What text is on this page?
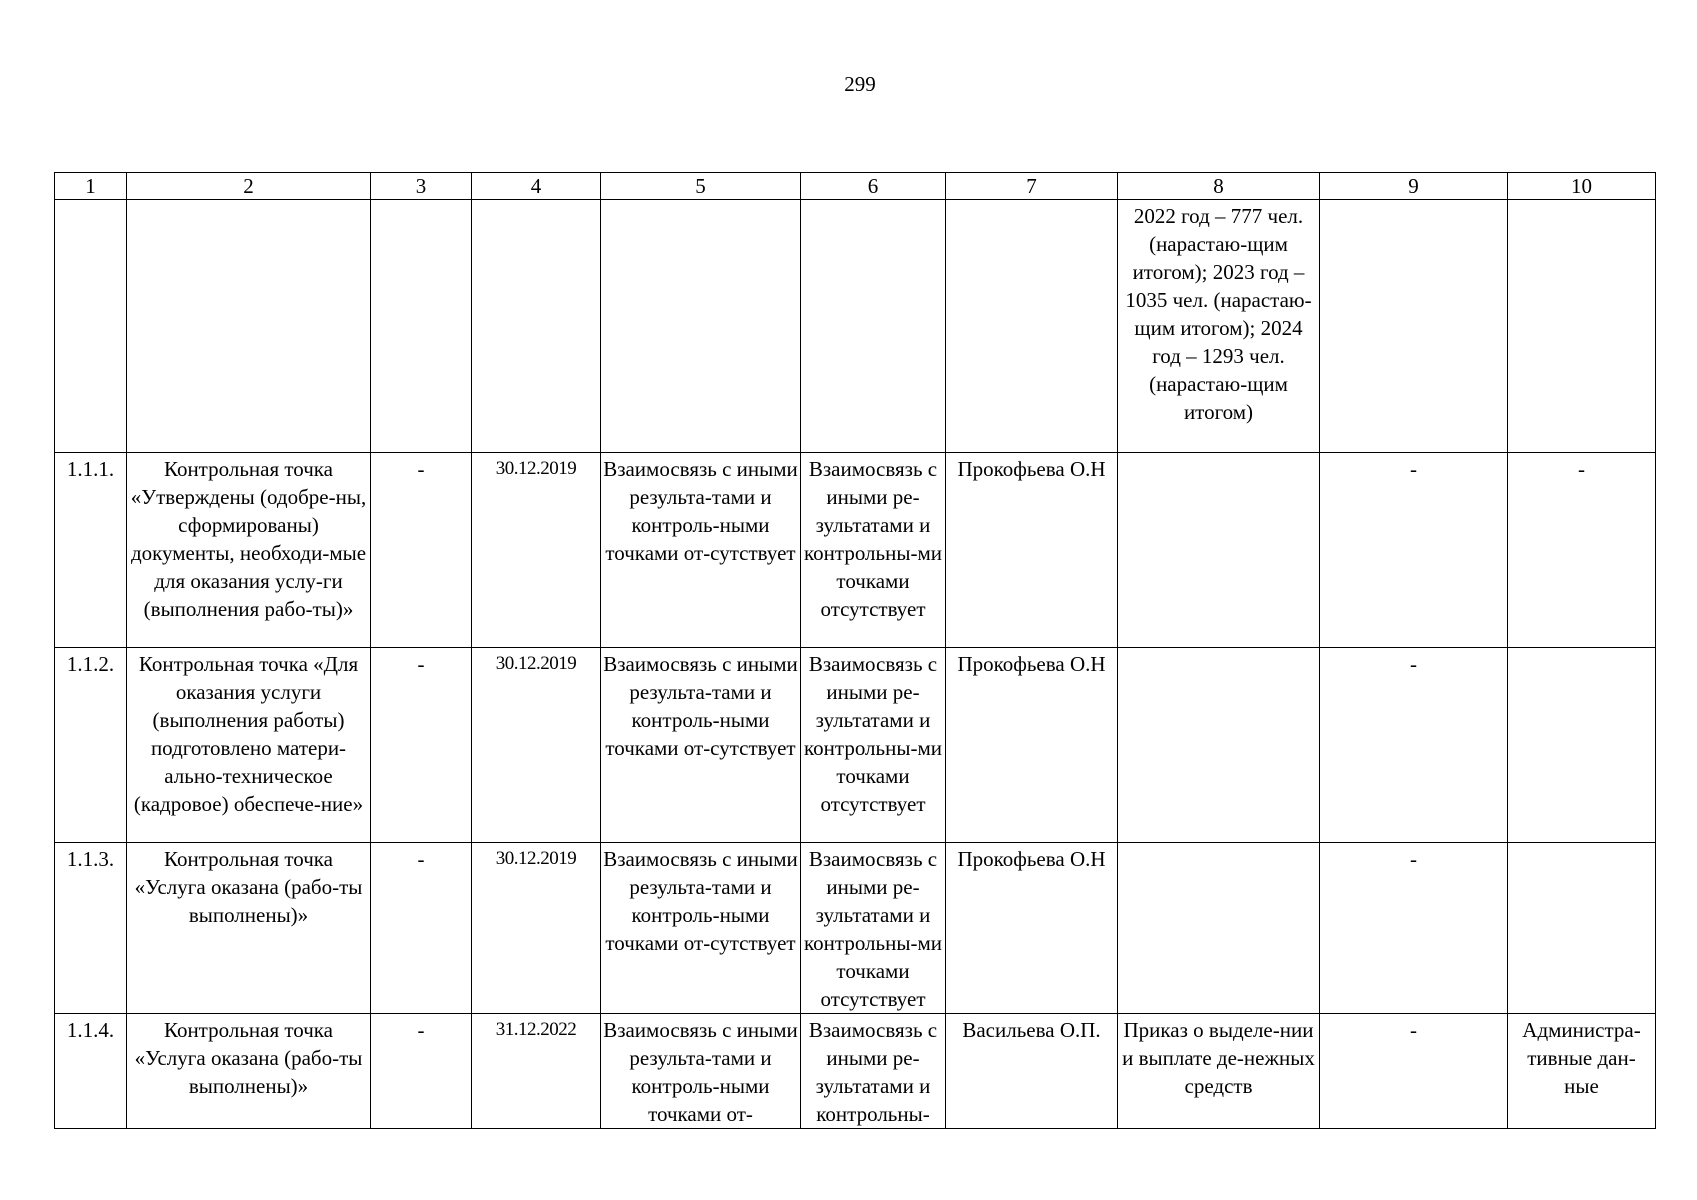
299
1	2	3	4	5	6	7	8	9	10
							2022 год – 777 чел. (нарастаю-щим итогом); 2023 год – 1035 чел. (нарастаю-щим итогом); 2024 год – 1293 чел. (нарастаю-щим итогом)		
1.1.1.	Контрольная точка «Утверждены (одобре-ны, сформированы) документы, необходи-мые для оказания услу-ги (выполнения рабо-ты)»	-	30.12.2019	Взаимосвязь с иными результа-тами и контроль-ными точками от-сутствует	Взаимосвязь с иными ре-зультатами и контрольны-ми точками отсутствует	Прокофьева О.Н		-	-
1.1.2.	Контрольная точка «Для оказания услуги (выполнения работы) подготовлено матери-ально-техническое (кадровое) обеспече-ние»	-	30.12.2019	Взаимосвязь с иными результа-тами и контроль-ными точками от-сутствует	Взаимосвязь с иными ре-зультатами и контрольны-ми точками отсутствует	Прокофьева О.Н		-	
1.1.3.	Контрольная точка «Услуга оказана (рабо-ты выполнены)»	-	30.12.2019	Взаимосвязь с иными результа-тами и контроль-ными точками от-сутствует	Взаимосвязь с иными ре-зультатами и контрольны-ми точками отсутствует	Прокофьева О.Н		-	
1.1.4.	Контрольная точка «Услуга оказана (рабо-ты выполнены)»	-	31.12.2022	Взаимосвязь с иными результа-тами и контроль-ными точками от-	Взаимосвязь с иными ре-зультатами и контрольны-	Васильева О.П.	Приказ о выделе-нии и выплате де-нежных средств	-	Администра-тивные дан-ные
